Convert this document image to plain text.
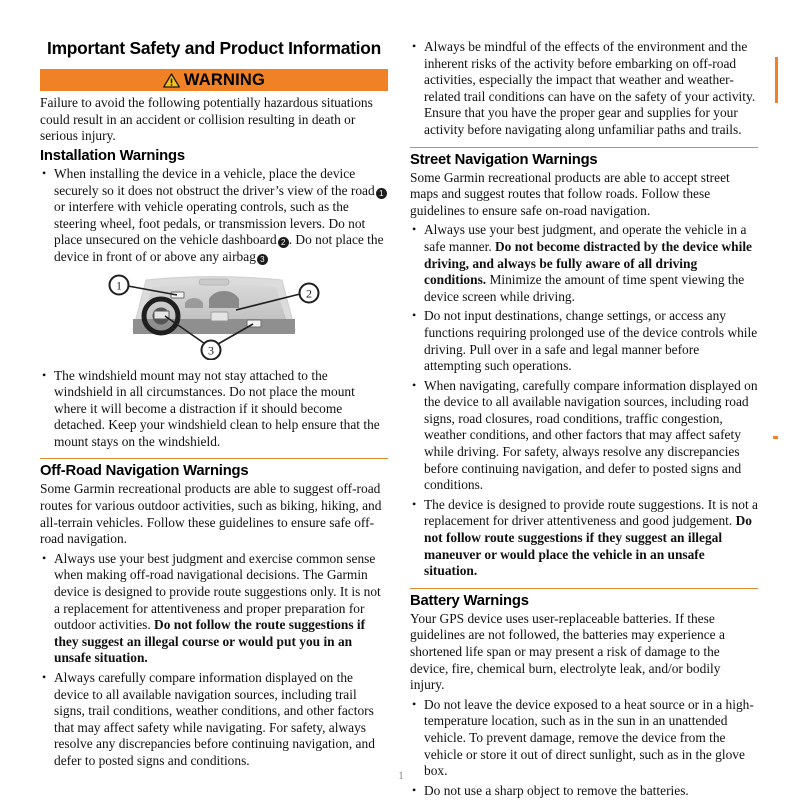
Important Safety and Product Information
WARNING

Failure to avoid the following potentially hazardous situations could result in an accident or collision resulting in death or serious injury.

Installation Warnings
• When installing the device in a vehicle, place the device securely so it does not obstruct the driver’s view of the road 1 or interfere with vehicle operating controls, such as the steering wheel, foot pedals, or transmission levers. Do not place unsecured on the vehicle dashboard 2 . Do not place the device in front of or above any airbag 3
1
2
3
• The windshield mount may not stay attached to the windshield in all circumstances. Do not place the mount where it will become a distraction if it should become detached. Keep your windshield clean to help ensure that the mount stays on the windshield.
Off-Road Navigation Warnings

Some Garmin recreational products are able to suggest off-road routes for various outdoor activities, such as biking, hiking, and all-terrain vehicles. Follow these guidelines to ensure safe off-road navigation.

• Always use your best judgment and exercise common sense when making off-road navigational decisions. The Garmin device is designed to provide route suggestions only. It is not a replacement for attentiveness and proper preparation for outdoor activities. Do not follow the route suggestions if they suggest an illegal course or would put you in an unsafe situation.
• Always carefully compare information displayed on the device to all available navigation sources, including trail signs, trail conditions, weather conditions, and other factors that may affect safety while navigating. For safety, always resolve any discrepancies before continuing navigation, and defer to posted signs and conditions.
• Always be mindful of the effects of the environment and the inherent risks of the activity before embarking on off-road activities, especially the impact that weather and weather-related trail conditions can have on the safety of your activity. Ensure that you have the proper gear and supplies for your activity before navigating along unfamiliar paths and trails.
Street Navigation Warnings

Some Garmin recreational products are able to accept street maps and suggest routes that follow roads. Follow these guidelines to ensure safe on-road navigation.

• Always use your best judgment, and operate the vehicle in a safe manner. Do not become distracted by the device while driving, and always be fully aware of all driving conditions. Minimize the amount of time spent viewing the device screen while driving.
• Do not input destinations, change settings, or access any functions requiring prolonged use of the device controls while driving. Pull over in a safe and legal manner before attempting such operations.
• When navigating, carefully compare information displayed on the device to all available navigation sources, including road signs, road closures, road conditions, traffic congestion, weather conditions, and other factors that may affect safety while driving. For safety, always resolve any discrepancies before continuing navigation, and defer to posted signs and conditions.
• The device is designed to provide route suggestions. It is not a replacement for driver attentiveness and good judgement. Do not follow route suggestions if they suggest an illegal maneuver or would place the vehicle in an unsafe situation.
Battery Warnings

Your GPS device uses user-replaceable batteries. If these guidelines are not followed, the batteries may experience a shortened life span or may present a risk of damage to the device, fire, chemical burn, electrolyte leak, and/or bodily injury.

• Do not leave the device exposed to a heat source or in a high-temperature location, such as in the sun in an unattended vehicle. To prevent damage, remove the device from the vehicle or store it out of direct sunlight, such as in the glove box.
• Do not use a sharp object to remove the batteries.
1
